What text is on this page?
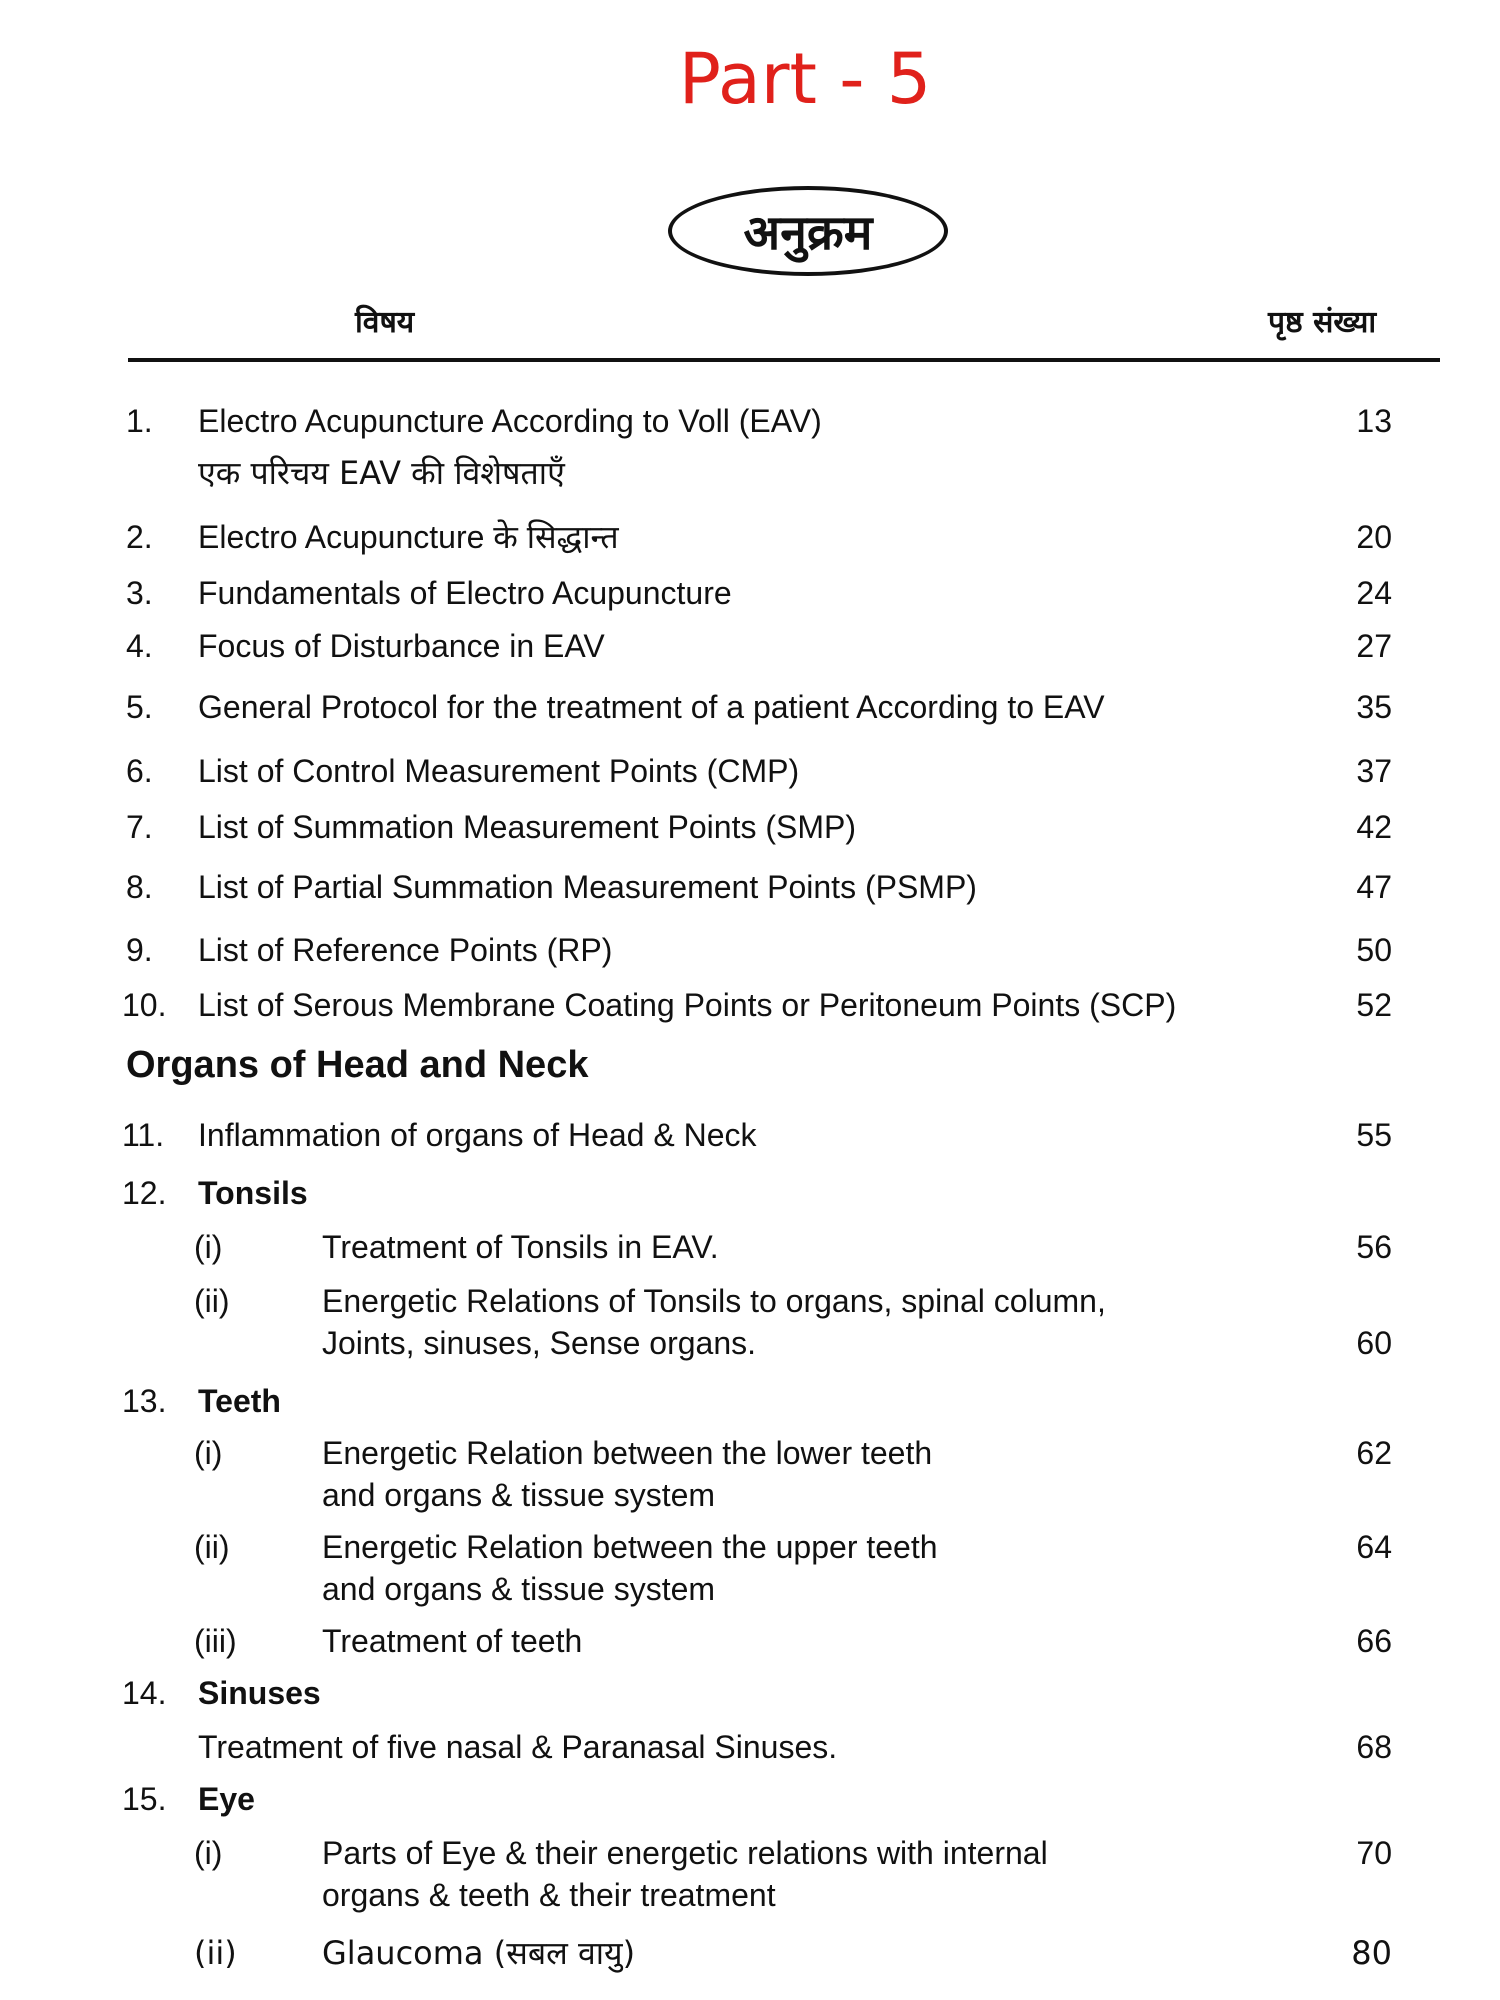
Part - 5
अनुक्रम
विषय	पृष्ठ संख्या
1. Electro Acupuncture According to Voll (EAV)	13
एक परिचय EAV की विशेषताएँ
2. Electro Acupuncture के सिद्धान्त	20
3. Fundamentals of Electro Acupuncture	24
4. Focus of Disturbance in EAV	27
5. General Protocol for the treatment of a patient According to EAV	35
6. List of Control Measurement Points (CMP)	37
7. List of Summation Measurement Points (SMP)	42
8. List of Partial Summation Measurement Points (PSMP)	47
9. List of Reference Points (RP)	50
10. List of Serous Membrane Coating Points or Peritoneum Points (SCP)	52
Organs of Head and Neck
11. Inflammation of organs of Head & Neck	55
12. Tonsils
(i)	Treatment of Tonsils in EAV.	56
(ii)	Energetic Relations of Tonsils to organs, spinal column,
Joints, sinuses, Sense organs.	60
13. Teeth
(i)	Energetic Relation between the lower teeth	62
and organs & tissue system
(ii)	Energetic Relation between the upper teeth	64
and organs & tissue system
(iii)	Treatment of teeth	66
14. Sinuses
Treatment of five nasal & Paranasal Sinuses.	68
15. Eye
(i)	Parts of Eye & their energetic relations with internal	70
organs & teeth & their treatment
(ii)	Glaucoma (सबल वायु)	80
